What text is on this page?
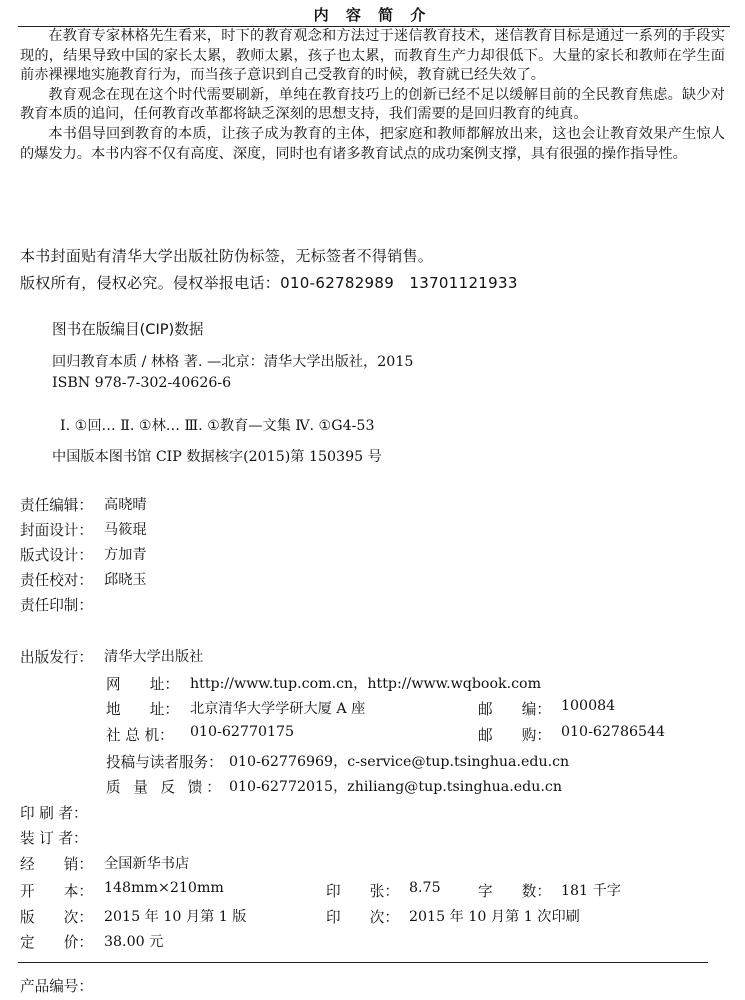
内 容 简 介

在教育专家林格先生看来，时下的教育观念和方法过于迷信教育技术，迷信教育目标是通过一系列的手段实现的，结果导致中国的家长太累，教师太累，孩子也太累，而教育生产力却很低下。大量的家长和教师在学生面前赤裸裸地实施教育行为，而当孩子意识到自己受教育的时候，教育就已经失效了。

教育观念在现在这个时代需要刷新，单纯在教育技巧上的创新已经不足以缓解目前的全民教育焦虑。缺少对教育本质的追问，任何教育改革都将缺乏深刻的思想支持，我们需要的是回归教育的纯真。

本书倡导回到教育的本质，让孩子成为教育的主体，把家庭和教师都解放出来，这也会让教育效果产生惊人的爆发力。本书内容不仅有高度、深度，同时也有诸多教育试点的成功案例支撑，具有很强的操作指导性。

本书封面贴有清华大学出版社防伪标签，无标签者不得销售。
版权所有，侵权必究。侵权举报电话：010-62782989　13701121933
图书在版编目(CIP)数据
回归教育本质 / 林格 著. —北京：清华大学出版社，2015
ISBN 978-7-302-40626-6
Ⅰ. ①回… Ⅱ. ①林… Ⅲ. ①教育—文集 Ⅳ. ①G4-53
中国版本图书馆 CIP 数据核字(2015)第 150395 号
责任编辑： 高晓晴
封面设计： 马筱琨
版式设计： 方加青
责任校对： 邱晓玉
责任印制：
出版发行： 清华大学出版社
网　　址： http://www.tup.com.cn，http://www.wqbook.com
地　　址： 北京清华大学学研大厦 A 座	邮　　编： 100084
社 总 机： 010-62770175	邮　　购： 010-62786544
投稿与读者服务： 010-62776969，c-service@tup.tsinghua.edu.cn
质 量 反 馈： 010-62772015，zhiliang@tup.tsinghua.edu.cn
印 刷 者：
装 订 者：
经　　销： 全国新华书店
开　　本： 148mm×210mm	印　　张： 8.75	字　　数： 181 千字
版　　次： 2015 年 10 月第 1 版	印　　次： 2015 年 10 月第 1 次印刷
定　　价： 38.00 元
产品编号：
